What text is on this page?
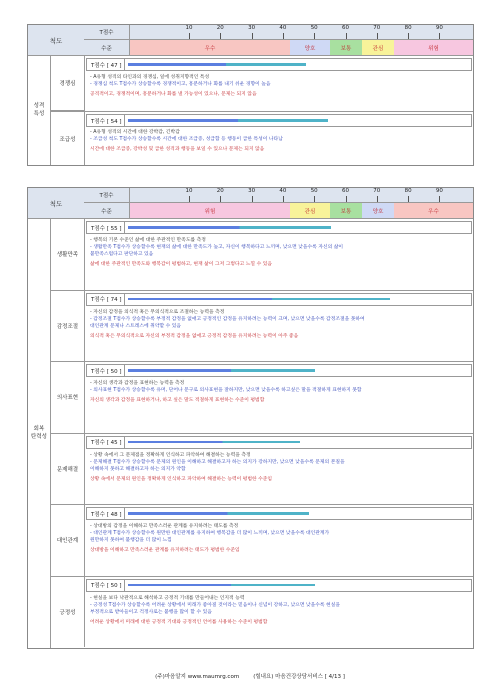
척도
T점수
10	20	30	40	50	60	70	80	90
수준	우수	양호	보통	관심	위험
성격
특성
경쟁심
T점수 [ 47 ]
- A유형 성격의 타인과의 경쟁심, 일에 성취지향적인 특성
- 경쟁심 척도 T점수가 상승할수록 경쟁적이고, 흥분하거나 화를 내기 쉬운 경향이 높음
공격적이고, 경쟁적이며, 흥분하거나 화를 낼 가능성이 있으나, 문제는 되지 않음
조급성
T점수 [ 54 ]
- A유형 성격의 시간에 대한 강박감, 긴박감
- 조급성 척도 T점수가 상승할수록 시간에 대한 조급증, 성급함 등 행동이 급한 특성이 나타남
시간에 대한 조급증, 강박성 및 급한 성격과 행동을 보일 수 있으나 문제는 되지 않음
척도
T점수
10	20	30	40	50	60	70	80	90
수준	위험	관심	보통	양호	우수
회복
탄력성
생활만족
T점수 [ 55 ]
- 행복의 기본 수준인 삶에 대한 주관적인 만족도를 측정
- 생활만족 T점수가 상승할수록 현재의 삶에 대한 만족도가 높고, 자신이 행복하다고 느끼며, 낮으면 낮을수록 자신의 삶이
불만족스럽다고 판단하고 있음
삶에 대한 주관적인 만족도와 행복감이 평범하고, 현재 삶이 그저 그렇다고 느낄 수 있음
감정조절
T점수 [ 74 ]
- 자신의 감정을 의식적 혹은 무의식적으로 조절하는 능력을 측정
- 감정조절 T점수가 상승할수록 부정적 감정을 없애고 긍정적인 감정을 유지하려는 능력이 크며, 낮으면 낮을수록 감정조절을 못하여
대인관계 문제나 스트레스에 취약할 수 있음
의식적 혹은 무의식적으로 자신의 부정적 감정을 없애고 긍정적 감정을 유지하려는 능력이 아주 좋음
의사표현
T점수 [ 50 ]
- 자신의 생각과 감정을 표현하는 능력을 측정
- 의사표현 T점수가 상승할수록 유머, 단어나 문구로 의사표현을 잘하지만, 낮으면 낮을수록 하고싶은 말을 적절하게 표현하지 못함
자신의 생각과 감정을 표현하거나, 하고 싶은 말도 적절하게 표현하는 수준이 평범함
문제해결
T점수 [ 45 ]
- 상황 속에서 그 문제점을 정확하게 인식하고 파악하여 해결하는 능력을 측정
- 문제해결 T점수가 상승할수록 문제의 원인을 이해하고 해결하고자 하는 의지가 강하지만, 낮으면 낮을수록 문제의 본질을
이해하지 못하고 해결하고자 하는 의지가 약함
상황 속에서 문제의 원인을 정확하게 인식하고 파악하여 해결하는 능력이 평범한 수준임
대인관계
T점수 [ 48 ]
- 상대방의 감정을 이해하고 만족스러운 관계를 유지하려는 태도를 측정
- 대인관계 T점수가 상승할수록 원만한 대인관계를 유지하여 행복감을 더 많이 느끼며, 낮으면 낮을수록 대인관계가
원만하지 못하여 불행감을 더 많이 느낌
상대방을 이해하고 만족스러운 관계를 유지하려는 태도가 평범한 수준임
긍정성
T점수 [ 50 ]
- 현실을 보다 낙관적으로 해석하고 긍정적 기대를 만들어내는 인지적 능력
- 긍정성 T점수가 상승할수록 어려운 상황에서 미래가 좋아질 것이라는 믿음이나 신념이 강하고, 낮으면 낮을수록 현실을
부정적으로 받아들이고 걱정사로는 불행을 많이 할 수 있음
어려운 상황에서 미래에 대한 긍정적 기대와 긍정적인 언어를 사용하는 수준이 평범함
(주)마음알지 www.maumrg.com	(힐내요) 마음건강상담서비스 [ 4/13 ]
